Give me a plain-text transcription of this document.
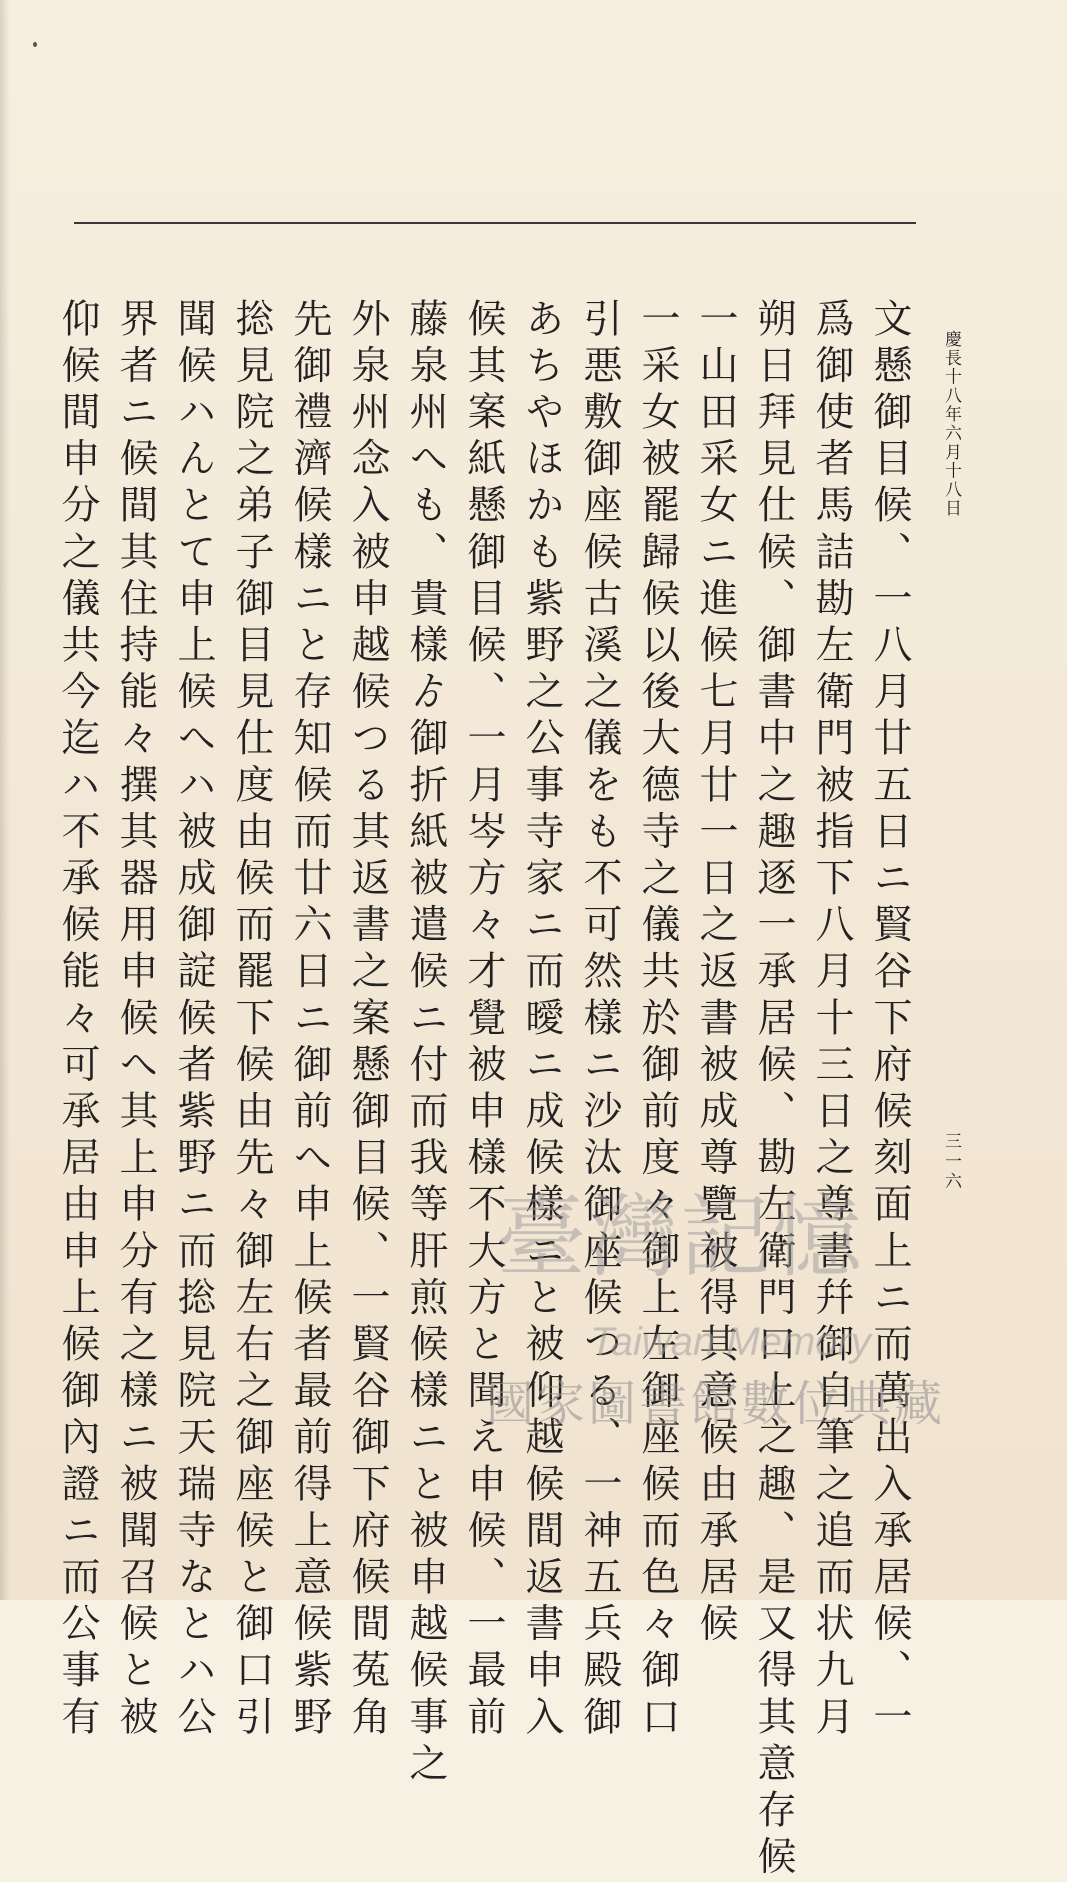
慶長十八年六月十八日
三一六
文懸御目候、一八月廿五日ニ賢谷下府候刻面上ニ而萬出入承居候、一
爲御使者馬詰勘左衛門被指下八月十三日之尊書幷御自筆之追而状九月
朔日拜見仕候、御書中之趣逐一承居候、勘左衛門口上之趣、是又得其意存候
一山田采女ニ進候七月廿一日之返書被成尊覽被得其意候由承居候
一采女被罷歸候以後大德寺之儀共於御前度々御上左御座候而色々御口
引悪敷御座候古溪之儀をも不可然樣ニ沙汰御座候つる、一神五兵殿御
あちやほかも紫野之公事寺家ニ而曖ニ成候樣ニと被仰越候間返書申入
候其案紙懸御目候、一月岑方々才覺被申樣不大方と聞え申候、一最前
藤泉州へも、貴樣ゟ御折紙被遣候ニ付而我等肝煎候樣ニと被申越候事之
外泉州念入被申越候つる其返書之案懸御目候、一賢谷御下府候間菟角
先御禮濟候樣ニと存知候而廿六日ニ御前へ申上候者最前得上意候紫野
捴見院之弟子御目見仕度由候而罷下候由先々御左右之御座候と御口引
聞候ハんとて申上候へハ被成御諚候者紫野ニ而捴見院天瑞寺なとハ公
界者ニ候間其住持能々撰其器用申候へ其上申分有之樣ニ被聞召候と被
仰候間申分之儀共今迄ハ不承候能々可承居由申上候御內證ニ而公事有	臺灣記憶
Taiwan Memory
國家圖書館數位典藏
